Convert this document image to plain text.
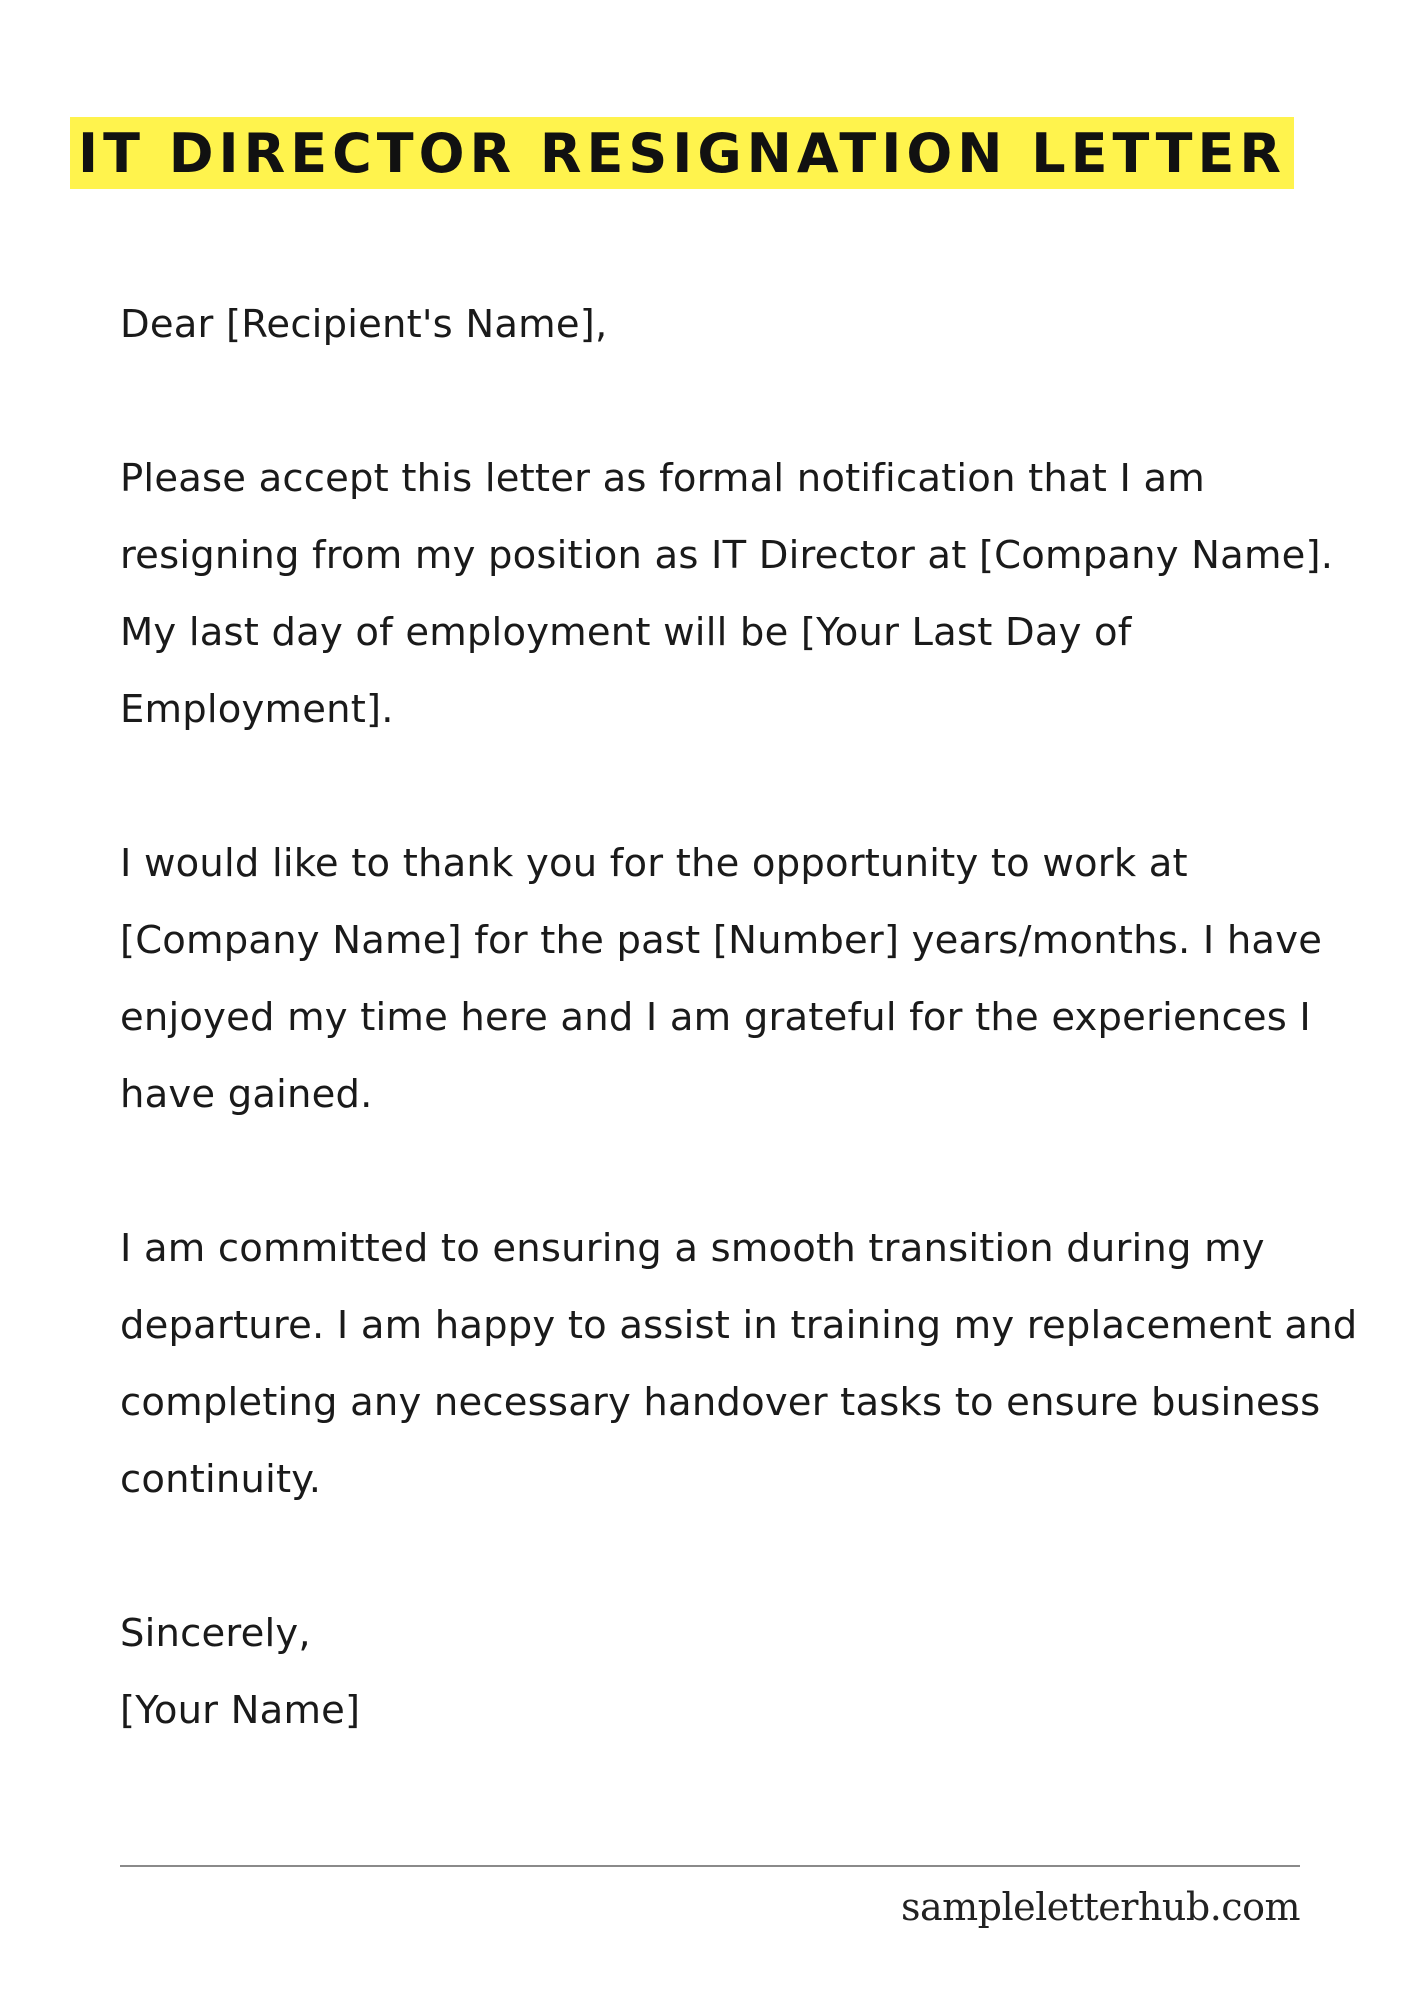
IT DIRECTOR RESIGNATION LETTER

Dear [Recipient's Name],

Please accept this letter as formal notification that I am resigning from my position as IT Director at [Company Name]. My last day of employment will be [Your Last Day of Employment].

I would like to thank you for the opportunity to work at [Company Name] for the past [Number] years/months. I have enjoyed my time here and I am grateful for the experiences I have gained.

I am committed to ensuring a smooth transition during my departure. I am happy to assist in training my replacement and completing any necessary handover tasks to ensure business continuity.

Sincerely,
[Your Name]
sampleletterhub.com
